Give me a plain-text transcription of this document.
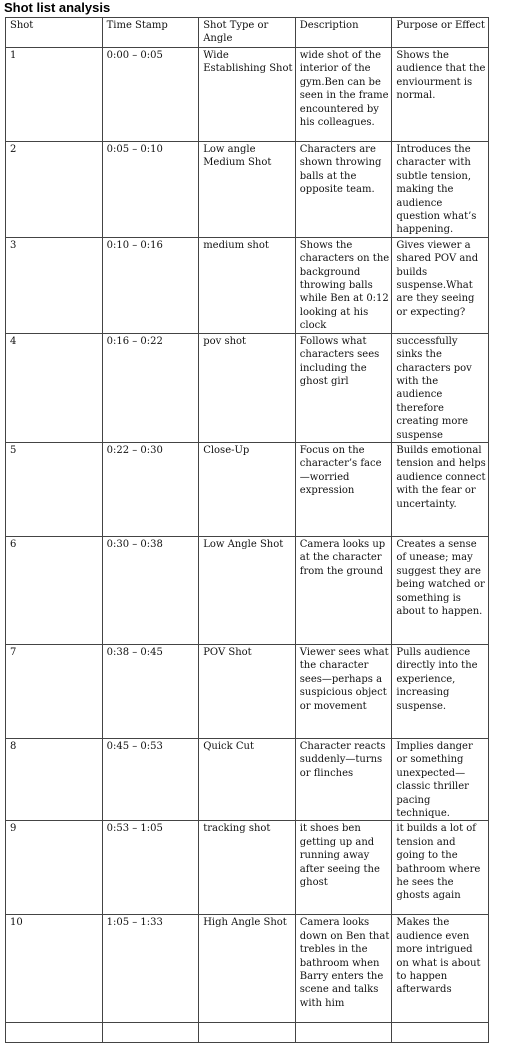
Shot list analysis
Shot	Time Stamp	Shot Type or Angle	Description	Purpose or Effect
1	0:00 – 0:05	Wide Establishing Shot	wide shot of the interior of the gym.Ben can be seen in the frame encountered by his colleagues.	Shows the audience that the enviourment is normal.
2	0:05 – 0:10	Low angle Medium Shot	Characters are shown throwing balls at the opposite team.	Introduces the character with subtle tension, making the audience question what’s happening.
3	0:10 – 0:16	medium shot	Shows the characters on the background throwing balls while Ben at 0:12 looking at his clock	Gives viewer a shared POV and builds suspense.What are they seeing or expecting?
4	0:16 – 0:22	pov shot	Follows what characters sees including the ghost girl	successfully sinks the characters pov with the audience therefore creating more suspense
5	0:22 – 0:30	Close-Up	Focus on the character’s face—worried expression	Builds emotional tension and helps audience connect with the fear or uncertainty.
6	0:30 – 0:38	Low Angle Shot	Camera looks up at the character from the ground	Creates a sense of unease; may suggest they are being watched or something is about to happen.
7	0:38 – 0:45	POV Shot	Viewer sees what the character sees—perhaps a suspicious object or movement	Pulls audience directly into the experience, increasing suspense.
8	0:45 – 0:53	Quick Cut	Character reacts suddenly—turns or flinches	Implies danger or something unexpected—classic thriller pacing technique.
9	0:53 – 1:05	tracking shot	it shoes ben getting up and running away after seeing the ghost	it builds a lot of tension and going to the bathroom where he sees the ghosts again
10	1:05 – 1:33	High Angle Shot	Camera looks down on Ben that trebles in the bathroom when Barry enters the scene and talks with him	Makes the audience even more intrigued on what is about to happen afterwards
